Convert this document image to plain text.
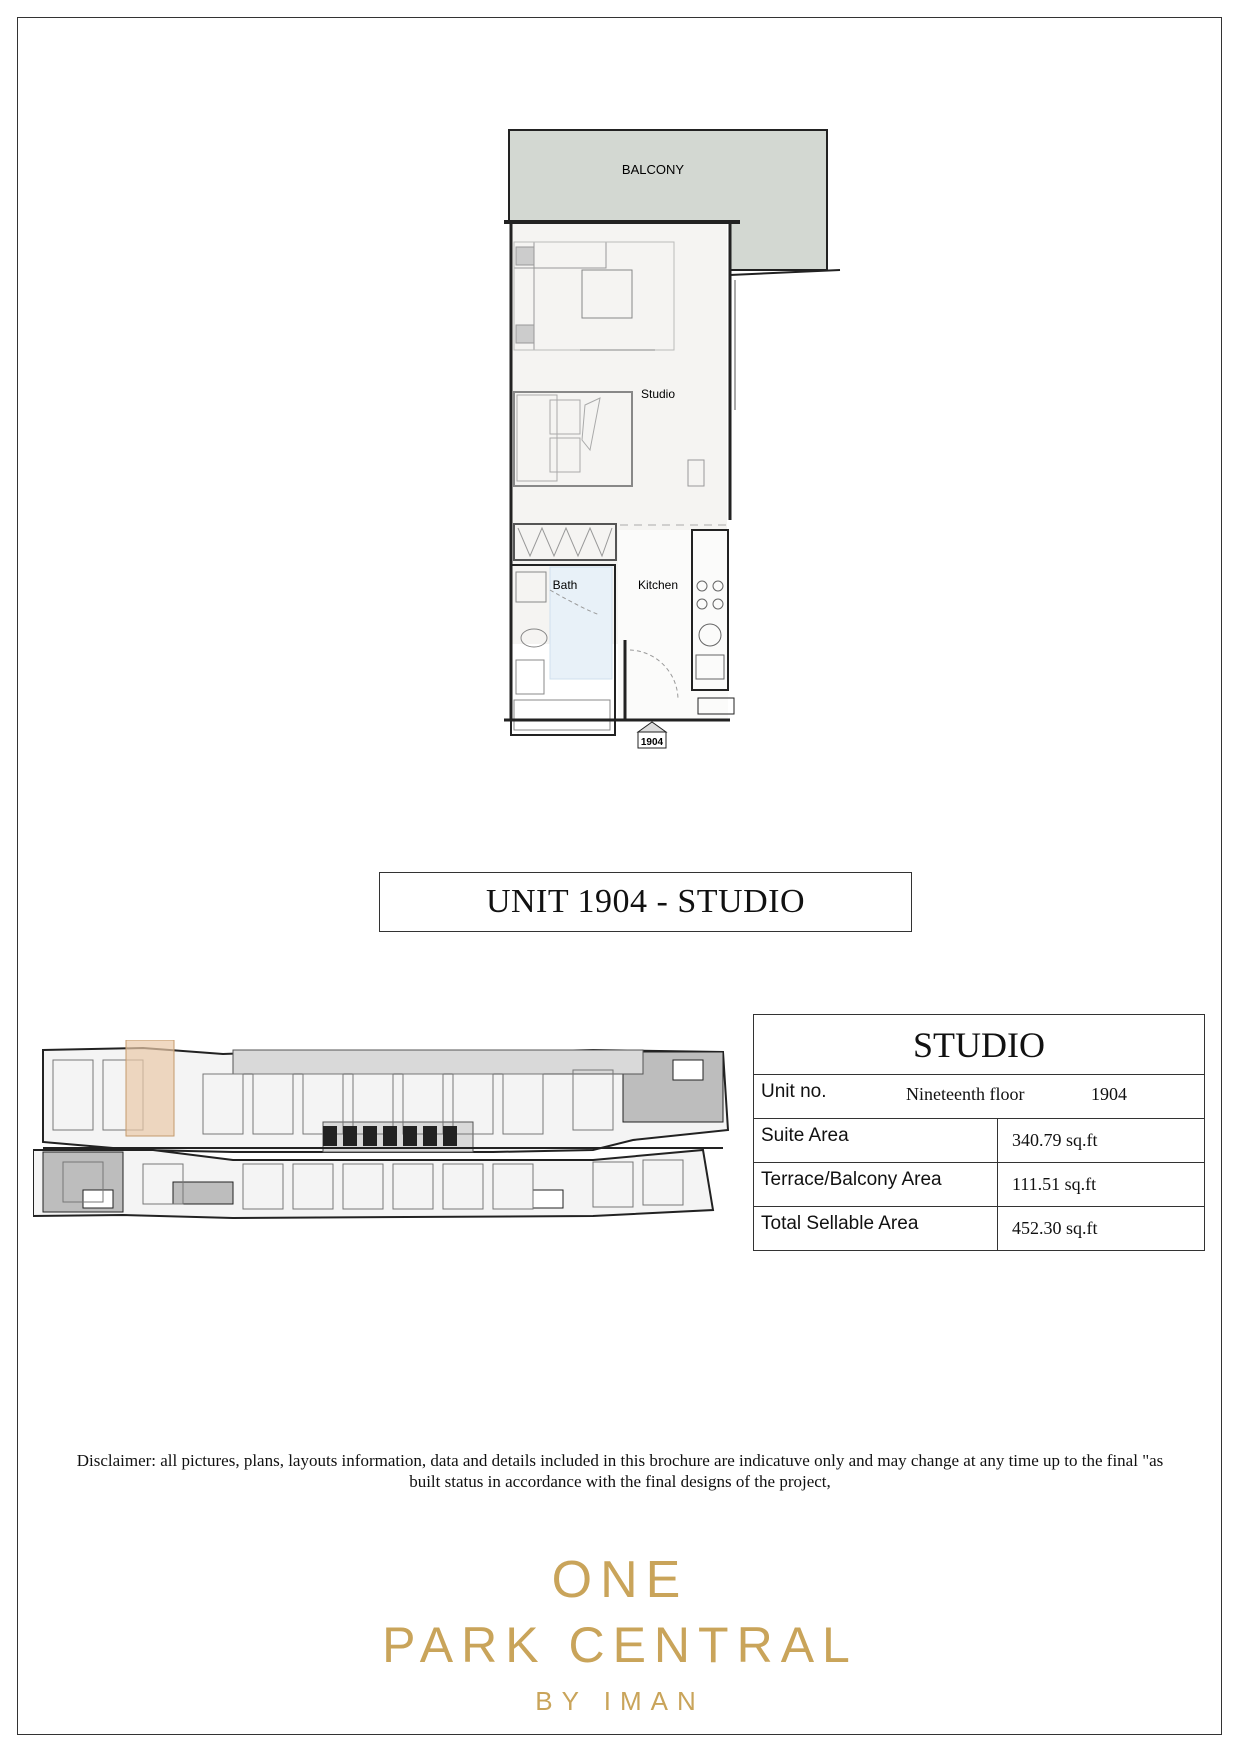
BALCONY
Studio
Bath	Kitchen
1904
UNIT 1904 - STUDIO
STUDIO
Unit no.	Nineteenth floor	1904
Suite Area	340.79 sq.ft
Terrace/Balcony Area	111.51 sq.ft
Total Sellable Area	452.30 sq.ft
Disclaimer: all pictures, plans, layouts information, data and details included in this brochure are indicatuve only and may change at any time up to the final "as built status in accordance with the final designs of the project,
ONE
PARK CENTRAL
BY IMAN
